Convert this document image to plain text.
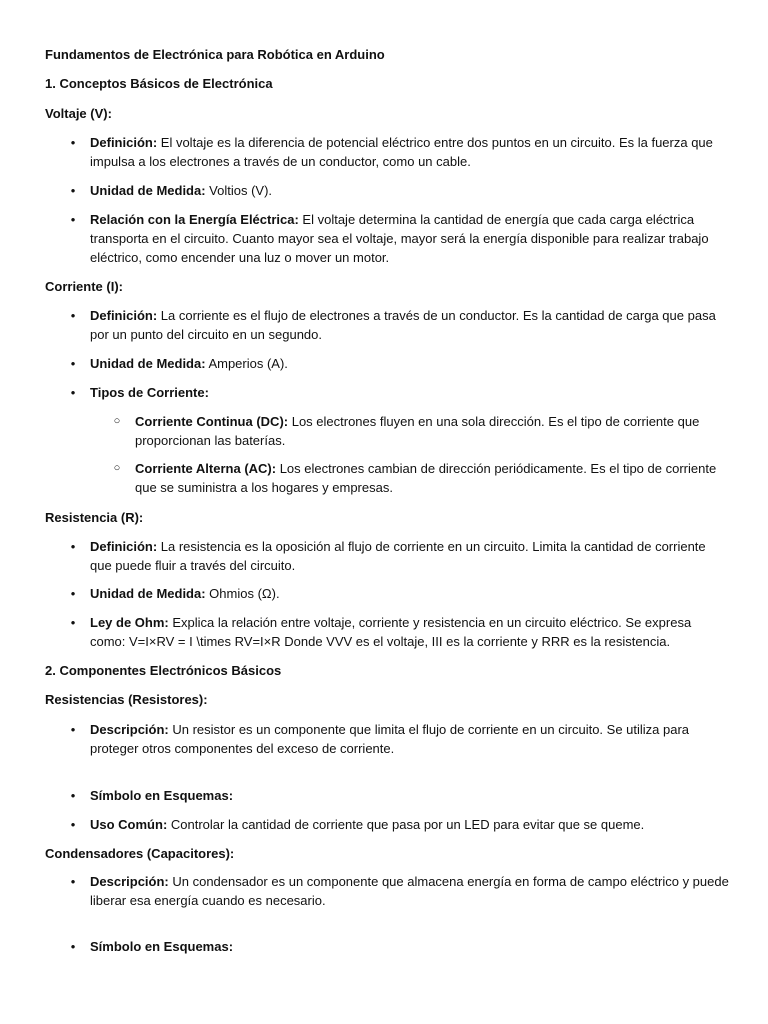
Fundamentos de Electrónica para Robótica en Arduino
1. Conceptos Básicos de Electrónica
Voltaje (V):
• Definición: El voltaje es la diferencia de potencial eléctrico entre dos puntos en un circuito. Es la fuerza que impulsa a los electrones a través de un conductor, como un cable.
• Unidad de Medida: Voltios (V).
• Relación con la Energía Eléctrica: El voltaje determina la cantidad de energía que cada carga eléctrica transporta en el circuito. Cuanto mayor sea el voltaje, mayor será la energía disponible para realizar trabajo eléctrico, como encender una luz o mover un motor.
Corriente (I):
• Definición: La corriente es el flujo de electrones a través de un conductor. Es la cantidad de carga que pasa por un punto del circuito en un segundo.
• Unidad de Medida: Amperios (A).
• Tipos de Corriente:
○ Corriente Continua (DC): Los electrones fluyen en una sola dirección. Es el tipo de corriente que proporcionan las baterías.
○ Corriente Alterna (AC): Los electrones cambian de dirección periódicamente. Es el tipo de corriente que se suministra a los hogares y empresas.
Resistencia (R):
• Definición: La resistencia es la oposición al flujo de corriente en un circuito. Limita la cantidad de corriente que puede fluir a través del circuito.
• Unidad de Medida: Ohmios (Ω).
• Ley de Ohm: Explica la relación entre voltaje, corriente y resistencia en un circuito eléctrico. Se expresa como: V=I×RV = I \times RV=I×R Donde VVV es el voltaje, III es la corriente y RRR es la resistencia.
2. Componentes Electrónicos Básicos
Resistencias (Resistores):
• Descripción: Un resistor es un componente que limita el flujo de corriente en un circuito. Se utiliza para proteger otros componentes del exceso de corriente.
• Símbolo en Esquemas:
• Uso Común: Controlar la cantidad de corriente que pasa por un LED para evitar que se queme.
Condensadores (Capacitores):
• Descripción: Un condensador es un componente que almacena energía en forma de campo eléctrico y puede liberar esa energía cuando es necesario.
• Símbolo en Esquemas:
